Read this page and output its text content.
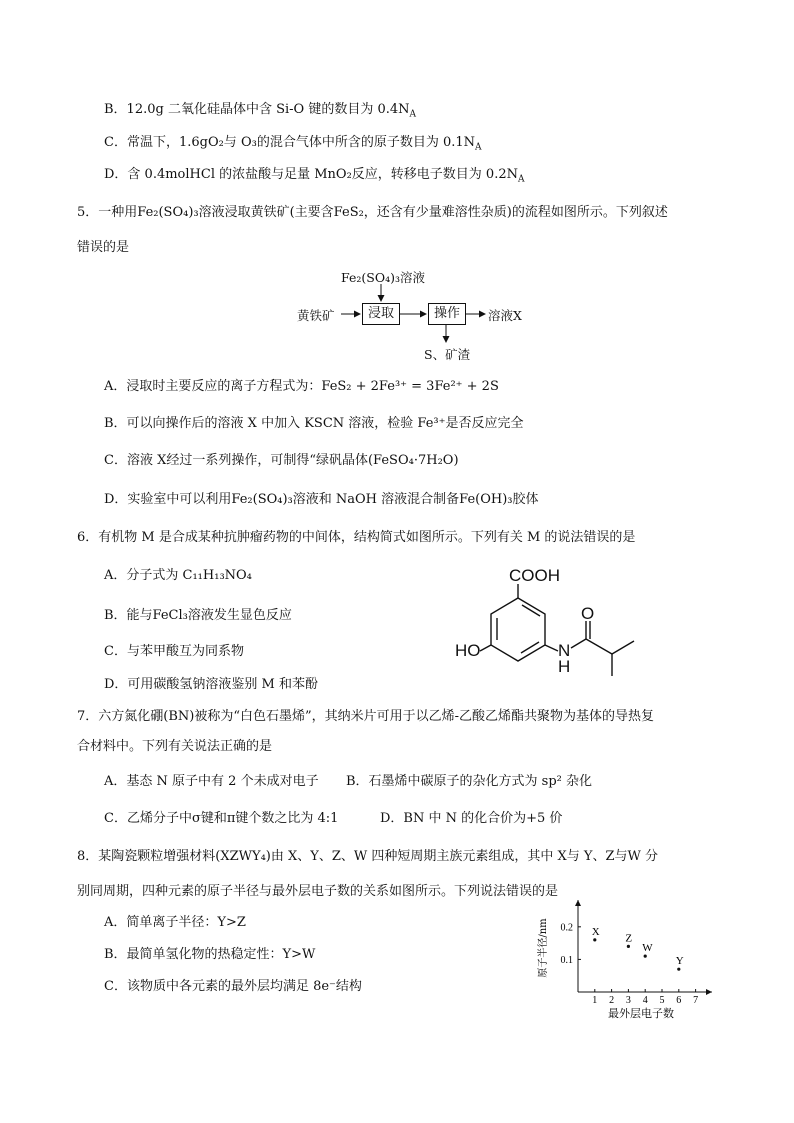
B．12.0g 二氧化硅晶体中含 Si-O 键的数目为 $0.4N_A$
C．常温下，1.6gO₂与 O₃的混合气体中所含的原子数目为 $0.1N_A$
D．含 0.4molHCl 的浓盐酸与足量 MnO₂反应，转移电子数目为 $0.2N_A$
5．一种用Fe₂(SO₄)₃溶液浸取黄铁矿(主要含FeS₂，还含有少量难溶性杂质)的流程如图所示。下列叙述
错误的是
Fe₂(SO₄)₃溶液
黄铁矿	浸取	操作	溶液X
S、矿渣
A．浸取时主要反应的离子方程式为：FeS₂ + 2Fe³⁺ = 3Fe²⁺ + 2S
B．可以向操作后的溶液 X 中加入 KSCN 溶液，检验 Fe³⁺是否反应完全
C．溶液 X经过一系列操作，可制得“绿矾晶体(FeSO₄·7H₂O)
D．实验室中可以利用Fe₂(SO₄)₃溶液和 NaOH 溶液混合制备Fe(OH)₃胶体
6．有机物 M 是合成某种抗肿瘤药物的中间体，结构简式如图所示。下列有关 M 的说法错误的是
A．分子式为 C₁₁H₁₃NO₄
B．能与FeCl₃溶液发生显色反应
C．与苯甲酸互为同系物
D．可用碳酸氢钠溶液鉴别 M 和苯酚
COOH
O
HO	N
H
7．六方氮化硼(BN)被称为“白色石墨烯”，其纳米片可用于以乙烯-乙酸乙烯酯共聚物为基体的导热复
合材料中。下列有关说法正确的是
A．基态 N 原子中有 2 个未成对电子 B．石墨烯中碳原子的杂化方式为 sp² 杂化
C．乙烯分子中σ键和π键个数之比为 4:1	D．BN 中 N 的化合价为+5 价
8．某陶瓷颗粒增强材料(XZWY₄)由 X、Y、Z、W 四种短周期主族元素组成，其中 X与 Y、Z与W 分
别同周期，四种元素的原子半径与最外层电子数的关系如图所示。下列说法错误的是
A．简单离子半径：Y>Z
B．最简单氢化物的热稳定性：Y>W
C．该物质中各元素的最外层均满足 8e⁻结构
1 2 3 4 5 6 7
0.1
0.2 X
Z
W
Y
最外层电子数
原子半径/nm
